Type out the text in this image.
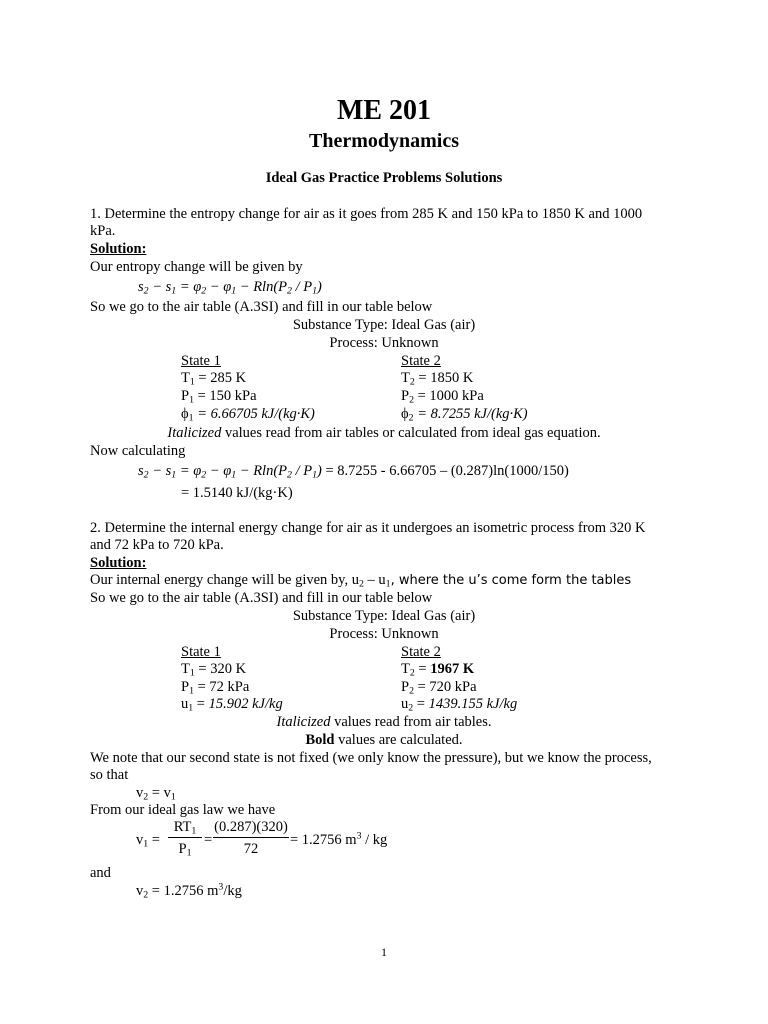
ME 201
Thermodynamics
Ideal Gas Practice Problems Solutions
1. Determine the entropy change for air as it goes from 285 K and 150 kPa to 1850 K and 1000
kPa.
Solution:
Our entropy change will be given by
$s_2 - s_1 = \varphi_2 - \varphi_1 - Rln(P_2 / P_1)$
So we go to the air table (A.3SI) and fill in our table below
Substance Type: Ideal Gas (air)
Process: Unknown
State 1	State 2
$T_1 = 285$ K
$P_1 = 150$ kPa
$\phi_1 = 6.66705$ kJ/(kg·K)
$T_2 = 1850$ K
$P_2 = 1000$ kPa
$\phi_2 = 8.7255$ kJ/(kg·K)
Italicized values read from air tables or calculated from ideal gas equation.
Now calculating
$s_2 - s_1 = \varphi_2 - \varphi_1 - Rln(P_2 / P_1) = 8.7255 - 6.66705 - (0.287)\ln(1000/150)$
= 1.5140 kJ/(kg·K)
2. Determine the internal energy change for air as it undergoes an isometric process from 320 K
and 72 kPa to 720 kPa.
Solution:
Our internal energy change will be given by, $u_2 - u_1$, where the u’s come form the tables
So we go to the air table (A.3SI) and fill in our table below
Substance Type: Ideal Gas (air)
Process: Unknown
State 1	State 2
$T_1 = 320$ K
$P_1 = 72$ kPa
$u_1 = 15.902$ kJ/kg
$T_2 = 1967$ K
$P_2 = 720$ kPa
$u_2 = 1439.155$ kJ/kg
Italicized values read from air tables.
Bold values are calculated.
We note that our second state is not fixed (we only know the pressure), but we know the process,
so that
$v_2 = v_1$
From our ideal gas law we have
$v_1$ =
$RT_1$
$P_1$
=
(0.287)(320)
72
= 1.2756 $m^3$ / kg
and
$v_2 = 1.2756$ $m^3/kg$
1
